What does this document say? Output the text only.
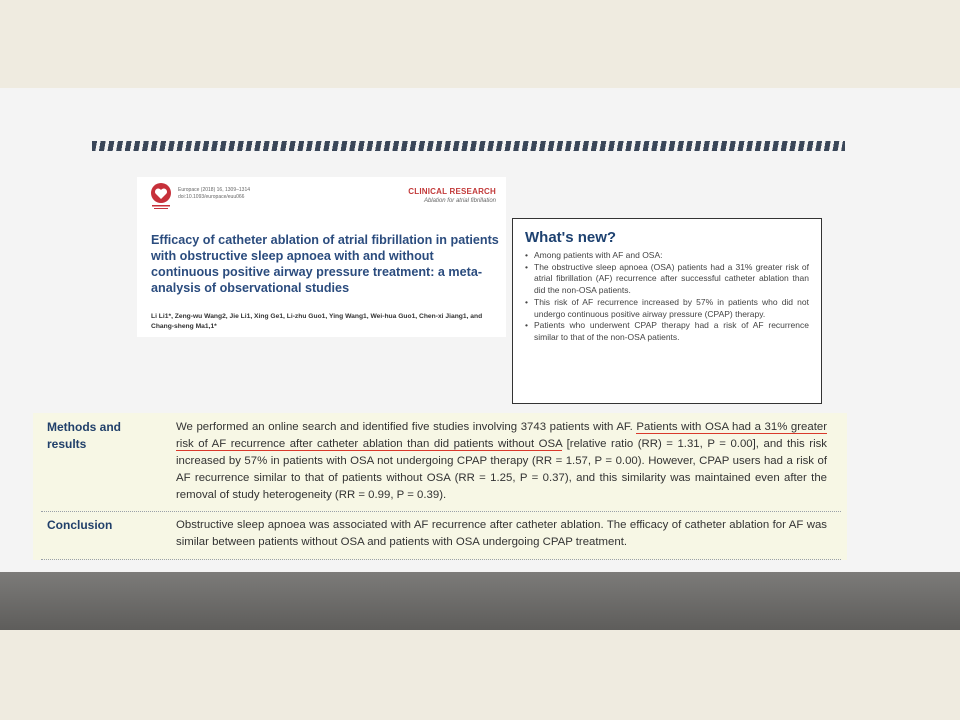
Europace (2018) 16, 1309–1314
doi:10.1093/europace/euu066
CLINICAL RESEARCH
Ablation for atrial fibrillation
Efficacy of catheter ablation of atrial fibrillation in patients with obstructive sleep apnoea with and without continuous positive airway pressure treatment: a meta-analysis of observational studies

Li Li1*, Zeng-wu Wang2, Jie Li1, Xing Ge1, Li-zhu Guo1, Ying Wang1, Wei-hua Guo1, Chen-xi Jiang1, and Chang-sheng Ma1,1*

What's new?
• Among patients with AF and OSA:
• The obstructive sleep apnoea (OSA) patients had a 31% greater risk of atrial fibrillation (AF) recurrence after successful catheter ablation than did the non-OSA patients.
• This risk of AF recurrence increased by 57% in patients who did not undergo continuous positive airway pressure (CPAP) therapy.
• Patients who underwent CPAP therapy had a risk of AF recurrence similar to that of the non-OSA patients.
Methods and results

We performed an online search and identified five studies involving 3743 patients with AF. Patients with OSA had a 31% greater risk of AF recurrence after catheter ablation than did patients without OSA [relative ratio (RR) = 1.31, P = 0.00], and this risk increased by 57% in patients with OSA not undergoing CPAP therapy (RR = 1.57, P = 0.00). However, CPAP users had a risk of AF recurrence similar to that of patients without OSA (RR = 1.25, P = 0.37), and this similarity was maintained even after the removal of study heterogeneity (RR = 0.99, P = 0.39).

Conclusion	Obstructive sleep apnoea was associated with AF recurrence after catheter ablation. The efficacy of catheter ablation for AF was similar between patients without OSA and patients with OSA undergoing CPAP treatment.
